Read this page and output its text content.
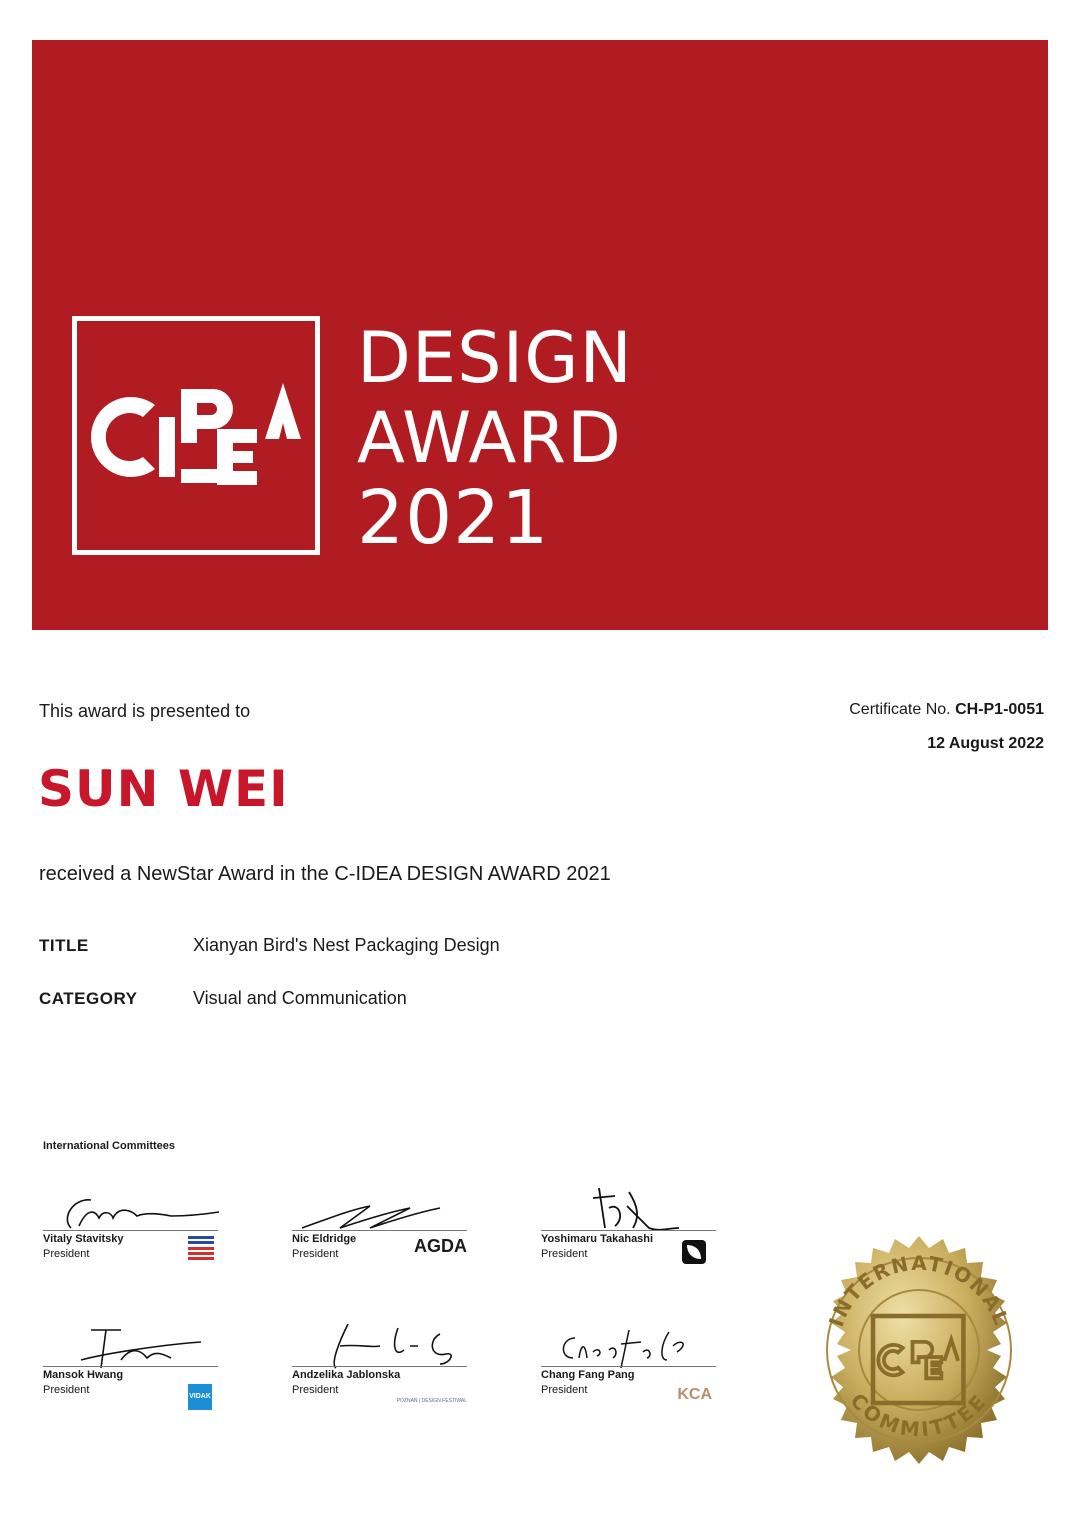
DESIGN
AWARD
2021
This award is presented to	Certificate No. CH-P1-0051
12 August 2022
SUN WEI
received a NewStar Award in the C-IDEA DESIGN AWARD 2021
TITLE	Xianyan Bird's Nest Packaging Design
CATEGORY	Visual and Communication
International Committees
Vitaly Stavitsky
President
Nic Eldridge
President	AGDA	Yoshimaru Takahashi
President
Mansok Hwang
President
VIDAK
Andzelika Jablonska
President
POZNAŃ | DESIGN FESTIWAL
Chang Fang Pang
President	KCA
INTERNATIONAL
COMMITTEE
